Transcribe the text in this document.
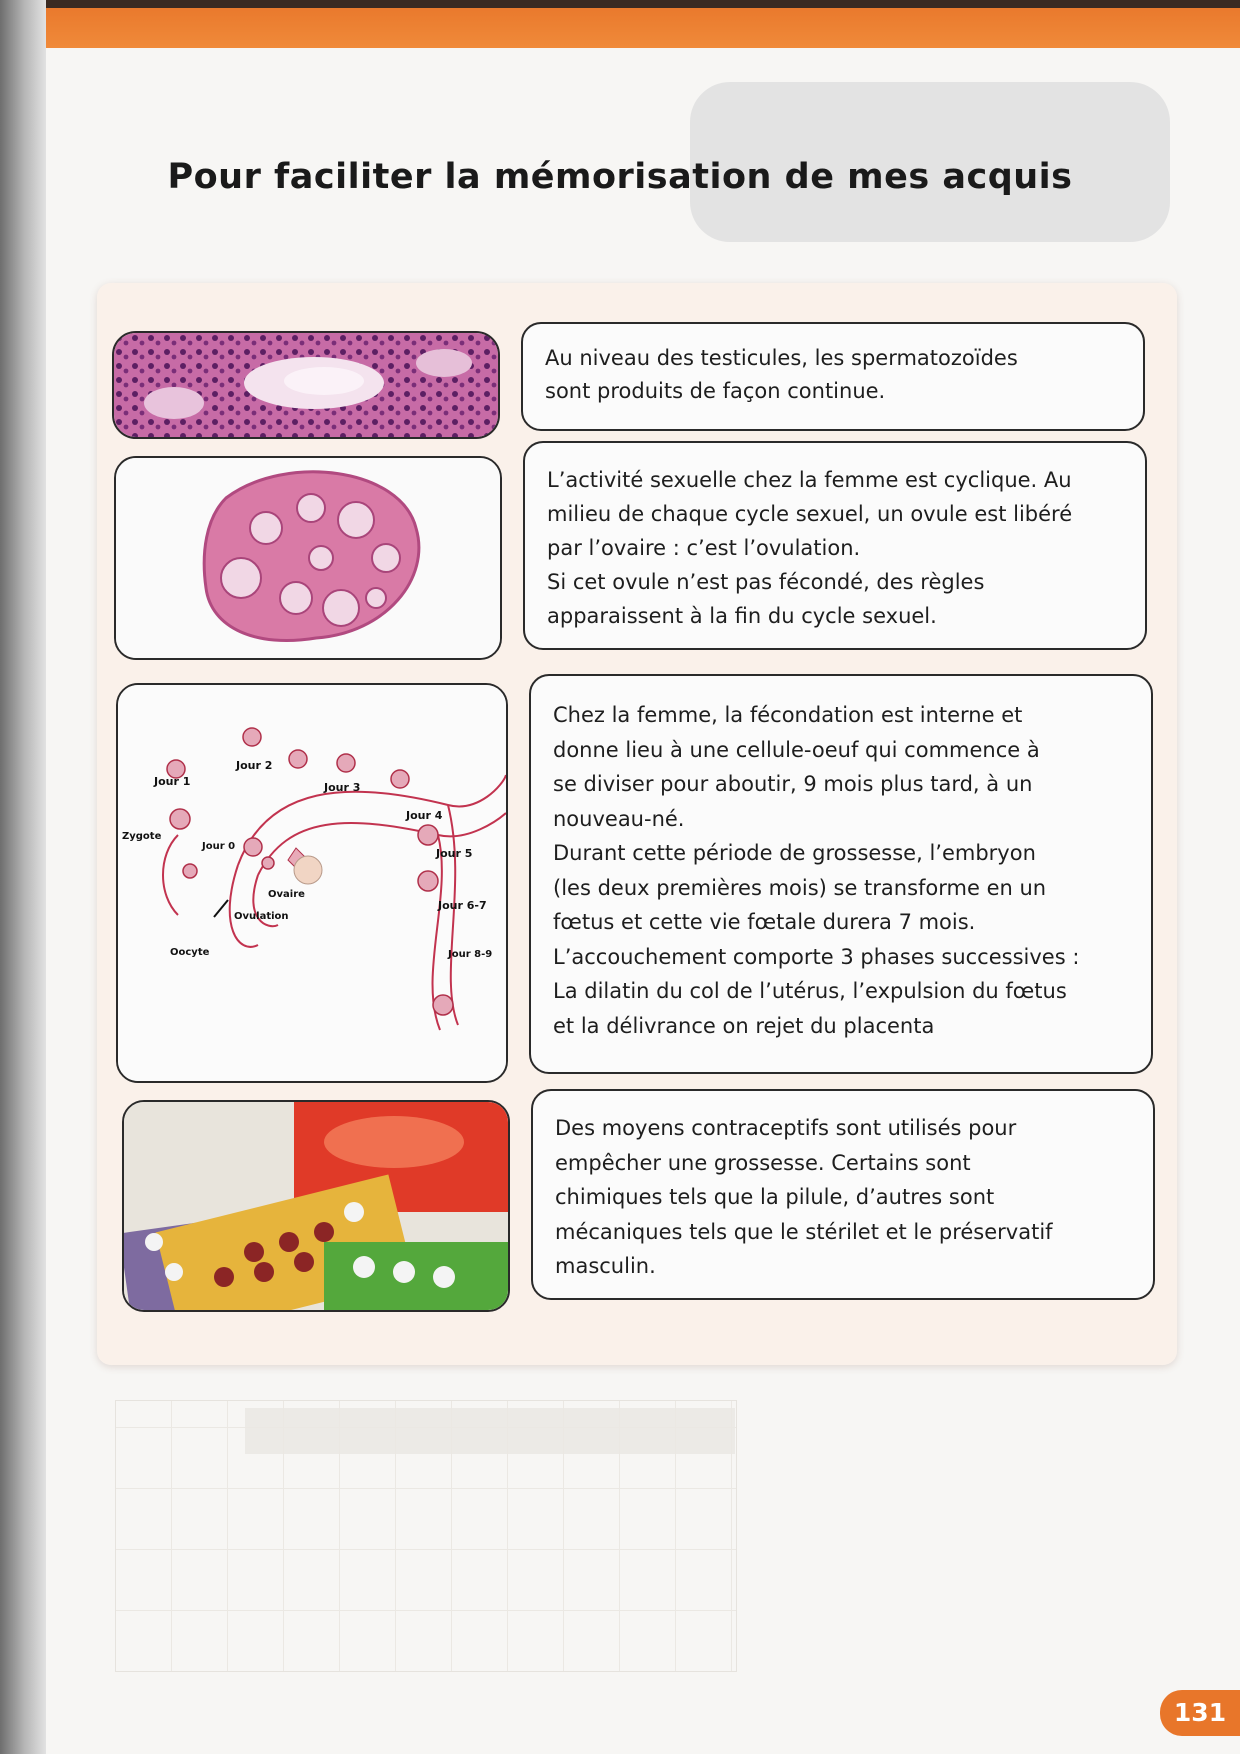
Pour faciliter la mémorisation de mes acquis

Au niveau des testicules, les spermatozoïdes
sont produits de façon continue.

L’activité sexuelle chez la femme est cyclique. Au
milieu de chaque cycle sexuel, un ovule est libéré
par l’ovaire : c’est l’ovulation.
Si cet ovule n’est pas fécondé, des règles
apparaissent à la fin du cycle sexuel.

Jour 1
Jour 2
Jour 3
Jour 4
Jour 5
Jour 6-7
Jour 8-9
Jour 0
Zygote
Ovaire
Ovulation
Oocyte

Chez la femme, la fécondation est interne et
donne lieu à une cellule-oeuf qui commence à
se diviser pour aboutir, 9 mois plus tard, à un
nouveau-né.
Durant cette période de grossesse, l’embryon
(les deux premières mois) se transforme en un
fœtus et cette vie fœtale durera 7 mois.
L’accouchement comporte 3 phases successives :
La dilatin du col de l’utérus, l’expulsion du fœtus
et la délivrance on rejet du placenta

Des moyens contraceptifs sont utilisés pour
empêcher une grossesse. Certains sont
chimiques tels que la pilule, d’autres sont
mécaniques tels que le stérilet et le préservatif
masculin.

131
